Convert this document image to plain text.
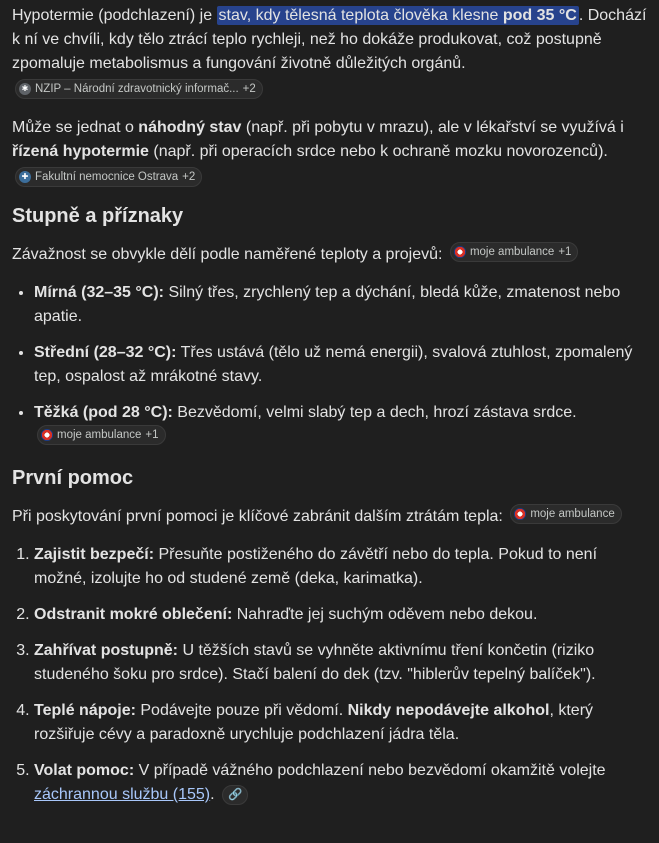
Hypotermie (podchlazení) je stav, kdy tělesná teplota člověka klesne pod 35 °C . Dochází k ní ve chvíli, kdy tělo ztrácí teplo rychleji, než ho dokáže produkovat, což postupně zpomaluje metabolismus a fungování životně důležitých orgánů.
✱ NZIP – Národní zdravotnický informač... +2

Může se jednat o náhodný stav (např. při pobytu v mrazu), ale v lékařství se využívá i řízená hypotermie (např. při operacích srdce nebo k ochraně mozku novorozenců).
✚ Fakultní nemocnice Ostrava +2

Stupně a příznaky

Závažnost se obvykle dělí podle naměřené teploty a projevů: moje ambulance +1

• Mírná (32–35 °C): Silný třes, zrychlený tep a dýchání, bledá kůže, zmatenost nebo apatie.
• Střední (28–32 °C): Třes ustává (tělo už nemá energii), svalová ztuhlost, zpomalený tep, ospalost až mrákotné stavy.
• Těžká (pod 28 °C): Bezvědomí, velmi slabý tep a dech, hrozí zástava srdce.
moje ambulance +1
První pomoc

Při poskytování první pomoci je klíčové zabránit dalším ztrátám tepla: moje ambulance

1. Zajistit bezpečí: Přesuňte postiženého do závětří nebo do tepla. Pokud to není možné, izolujte ho od studené země (deka, karimatka).
2. Odstranit mokré oblečení: Nahraďte jej suchým oděvem nebo dekou.
3. Zahřívat postupně: U těžších stavů se vyhněte aktivnímu tření končetin (riziko studeného šoku pro srdce). Stačí balení do dek (tzv. "hiblerův tepelný balíček").
4. Teplé nápoje: Podávejte pouze při vědomí. Nikdy nepodávejte alkohol, který rozšiřuje cévy a paradoxně urychluje podchlazení jádra těla.
5. Volat pomoc: V případě vážného podchlazení nebo bezvědomí okamžitě volejte záchrannou službu (155). 🔗
